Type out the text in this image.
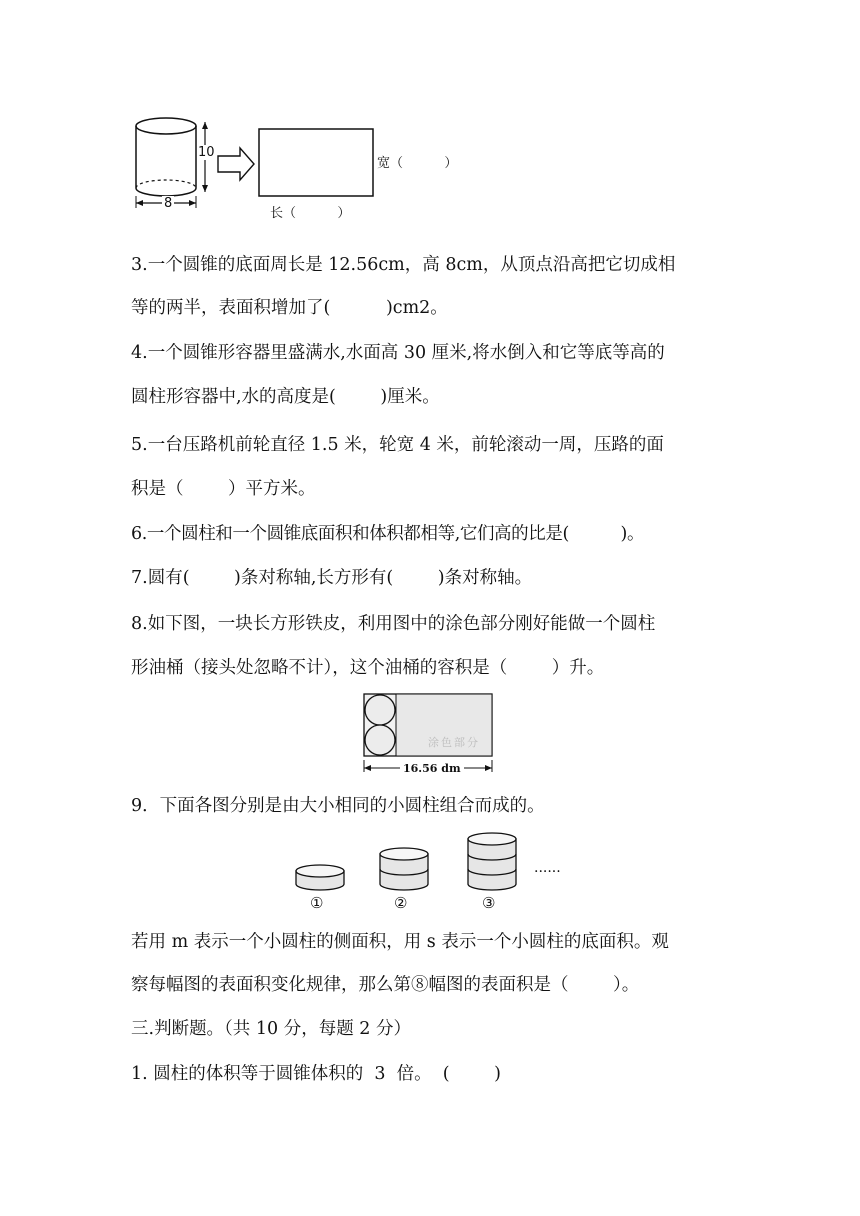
10
8
宽（          ）
长（          ）
3.一个圆锥的底面周长是 12.56cm，高 8cm，从顶点沿高把它切成相
等的两半，表面积增加了(          )cm2。
4.一个圆锥形容器里盛满水,水面高 30 厘米,将水倒入和它等底等高的
圆柱形容器中,水的高度是(        )厘米。
5.一台压路机前轮直径 1.5 米，轮宽 4 米，前轮滚动一周，压路的面
积是（        ）平方米。
6.一个圆柱和一个圆锥底面积和体积都相等,它们高的比是(          )。
7.圆有(        )条对称轴,长方形有(        )条对称轴。
8.如下图，一块长方形铁皮，利用图中的涂色部分刚好能做一个圆柱
形油桶（接头处忽略不计），这个油桶的容积是（        ）升。
涂色部分
16.56 dm
9．下面各图分别是由大小相同的小圆柱组合而成的。
①	②	③
......
若用 m 表示一个小圆柱的侧面积，用 s 表示一个小圆柱的底面积。观
察每幅图的表面积变化规律，那么第⑧幅图的表面积是（        ）。
三.判断题。（共 10 分，每题 2 分）
1. 圆柱的体积等于圆锥体积的  3  倍。  (        )
